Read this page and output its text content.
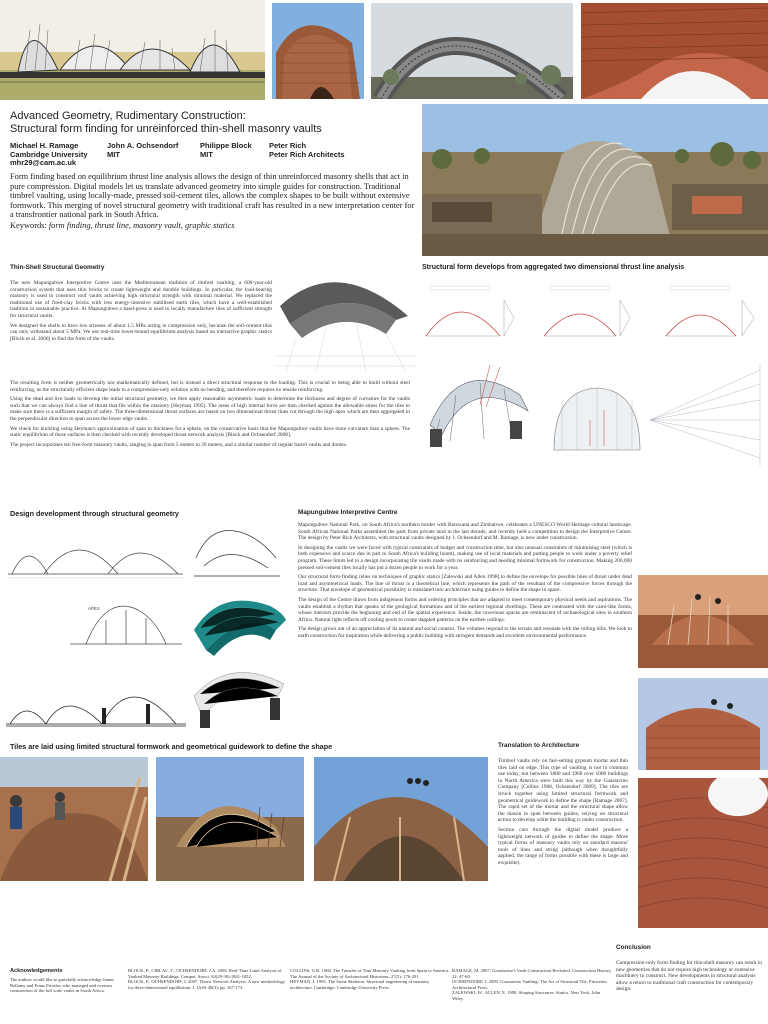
Advanced Geometry, Rudimentary Construction:
Structural form finding for unreinforced thin-shell masonry vaults
Michael H. Ramage
Cambridge University
mhr29@cam.ac.uk
John A. Ochsendorf
MIT
Philippe Block
MIT
Peter Rich
Peter Rich Architects
Form finding based on equilibrium thrust line analysis allows the design of thin unreinforced masonry shells that act in pure compression. Digital models let us translate advanced geometry into simple guides for construction. Traditional timbrel vaulting, using locally-made, pressed soil-cement tiles, allows the complex shapes to be built without extensive formwork. This merging of novel structural geometry with traditional craft has resulted in a new interpretation center for a transfrontier national park in South Africa.
Keywords: form finding, thrust line, masonry vault, graphic statics
Thin-Shell Structural Geometry

The new Mapungubwe Interpretive Centre uses the Mediterranean tradition of timbrel vaulting, a 600-year-old construction system that uses thin bricks to create lightweight and durable buildings. In particular, the load-bearing masonry is used to construct roof vaults achieving high structural strength with minimal material. We replaced the traditional use of fired-clay bricks with less energy-intensive stabilised earth tiles, which have a well-established tradition in sustainable practice. At Mapungubwe a hand-press is used to locally manufacture tiles of sufficient strength for structural vaults.

We designed the shells to have low stresses of about 1.5 MPa acting in compression only, because the soil-cement tiles can only withstand about 5 MPa. We use real-time lower-bound equilibrium analysis based on interactive graphic statics [Block et al. 2006] to find the form of the vaults.

The resulting form is neither geometrically nor mathematically defined, but is instead a direct structural response to the loading. This is crucial to being able to build without steel reinforcing, as the structurally efficient shape leads to a compression-only solution with no bending, and therefore requires no tensile reinforcing.

Using the dead and live loads to develop the initial structural geometry, we then apply reasonable asymmetric loads to determine the thickness and degree of curvature for the vaults such that we can always find a line of thrust that fits within the masonry [Heyman 1995]. The areas of high internal force are then checked against the allowable stress for the tiles to make sure there is a sufficient margin of safety. The three-dimensional thrust surfaces are based on two dimensional thrust lines cut through the high apex which are then aggregated in the perpendicular direction to span across the lower edge vaults.

We check for buckling using Heyman's approximation of span to thickness for a sphere, on the conservative basis that the Mapungubwe vaults have more curvature than a sphere. The static equilibrium of these surfaces is then checked with recently developed thrust network analysis [Block and Ochsendorf 2008].

The project incorporates ten free-form masonry vaults, ranging in span from 5 meters to 20 meters, and a similar number of regular barrel vaults and domes.

Structural form develops from aggregated two dimensional thrust line analysis
Design development through structural geometry
APEX
Mapungubwe Interpretive Centre

Mapungubwe National Park, on South Africa's northern border with Botswana and Zimbabwe, celebrates a UNESCO World Heritage cultural landscape. South African National Parks assembled the park from private land in the last decade, and recently held a competition to design the Interpretive Centre. The design by Peter Rich Architects, with structural vaults designed by J. Ochsendorf and M. Ramage, is now under construction.

In designing the vaults we were faced with typical constraints of budget and construction time, but also unusual constraints of minimising steel (which is both expensive and scarce due in part to South Africa's building boom), making use of local materials and putting people to work under a poverty relief program. These limits led to a design incorporating tile vaults made with no reinforcing and needing minimal formwork for construction. Making 200,000 pressed soil-cement tiles locally has put a dozen people to work for a year.

Our structural form-finding relies on techniques of graphic statics [Zalewski and Allen 1998] to define the envelope for possible lines of thrust under dead load and asymmetrical loads. The line of thrust is a theoretical line, which represents the path of the resultant of the compressive forces through the structure. That envelope of geometrical possibility is translated into architecture using guides to define the shape in space.

The design of the Centre draws from indigenous forms and ordering principles that are adapted to meet contemporary physical needs and aspirations. The vaults establish a rhythm that speaks of the geological formations and of the earliest regional dwellings. These are contrasted with the cairn-like forms, whose interiors provide the beginning and end of the spatial experience. Inside, the cavernous spaces are reminiscent of archaeological sites in southern Africa. Natural light reflects off cooling pools to create dappled patterns on the earthen ceilings.

The design grows out of an appreciation of its natural and social context. The volumes respond to the terrain and resonate with the rolling hills. We look to earth construction for inspiration while delivering a public building with stringent demands and excellent environmental performance.

Tiles are laid using limited structural formwork and geometrical guidework to define the shape	Translation to Architecture

Timbrel vaults rely on fast-setting gypsum mortar and thin tiles laid on edge. This type of vaulting is not in common use today, but between 1880 and 1960 over 1000 buildings in North America were built this way by the Guastavino Company [Collins 1968, Ochsendorf 2009]. The tiles are struck together using limited structural formwork and geometrical guidework to define the shape [Ramage 2007]. The rapid set of the mortar and the structural shape allow the mason to span between guides, relying on structural action to develop while the building is under construction.

Section cuts through the digital model produce a lightweight network of guides to define the shape. More typical forms of masonry vaults rely on standard masons' tools of lines and string (although when thoughtfully applied, the range of forms possible with these is large and exquisite).

Conclusion
Compression-only form-finding for thin-shell masonry can result in new geometries that do not require high technology or extensive machinery to construct. New developments in structural analysis allow a return to traditional craft construction for contemporary design.
Acknowledgements
The authors would like to gratefully acknowledge James Bellamy and Franz Prinsloo who managed and oversaw construction of the full scale vaults in South Africa.
BLOCK, P., CIBLAC, T., OCHSENDORF, J.A. 2006. Real-Time Limit Analysis of Vaulted Masonry Buildings. Comput. Struct. 84(29-30):1841-1852.
BLOCK, P., OCHSENDORF, J. 2007. Thrust Network Analysis: A new methodology for three-dimensional equilibrium. J. IASS 48(3): pp. 167-173.
COLLINS, G.R. 1968. The Transfer of Thin Masonry Vaulting from Spain to America. The Journal of the Society of Architectural Historians, 27(3): 176-201.
HEYMAN, J. 1995. The Stone Skeleton: Structural engineering of masonry architecture. Cambridge, Cambridge University Press.
RAMAGE, M. 2007. Guastavino's Vault Construction Revisited. Construction History, 22: 47-60.
OCHSENDORF, J. 2009. Guastavino Vaulting: The Art of Structural Tile. Princeton Architectural Press.
ZALEWSKI, W., ALLEN, E. 1998. Shaping Structures: Statics. New York, John Wiley.
